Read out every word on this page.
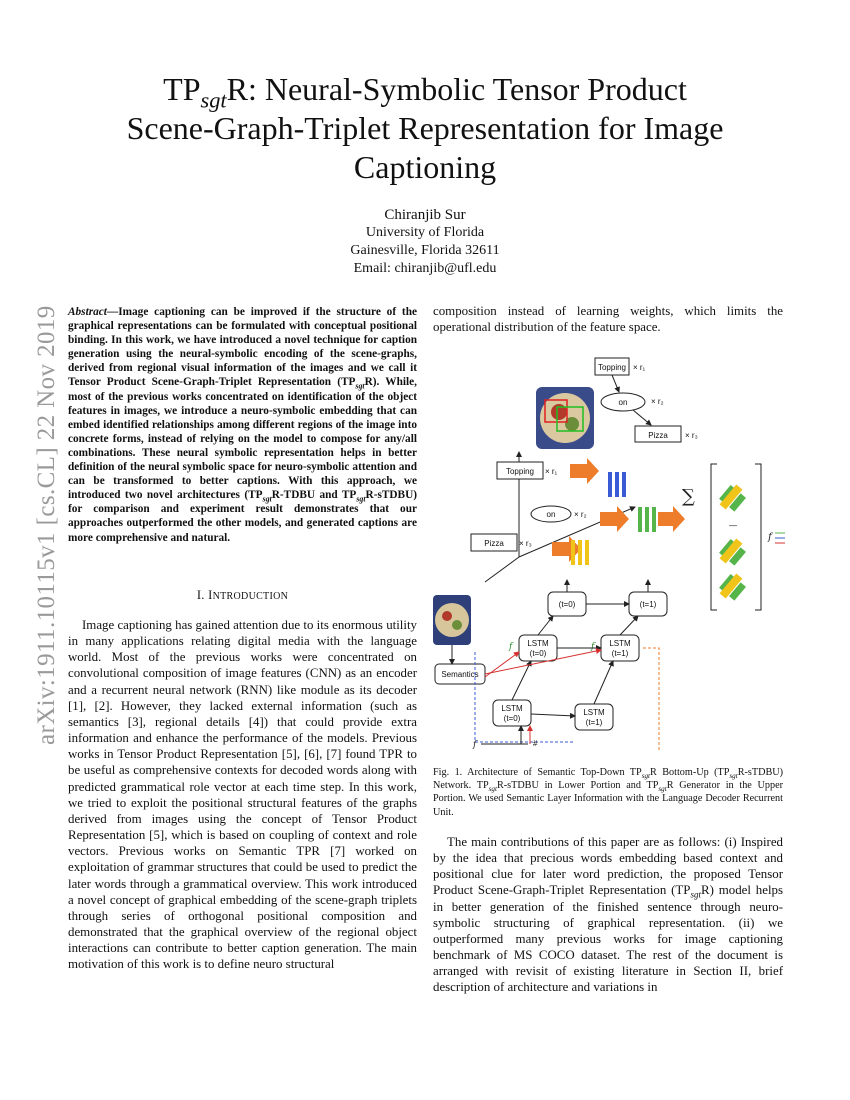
arXiv:1911.10115v1 [cs.CL] 22 Nov 2019
$TP_{sgt}R$: Neural-Symbolic Tensor Product
Scene-Graph-Triplet Representation for Image
Captioning
Chiranjib Sur
University of Florida
Gainesville, Florida 32611
Email: chiranjib@ufl.edu
Abstract—Image captioning can be improved if the structure of the graphical representations can be formulated with conceptual positional binding. In this work, we have introduced a novel technique for caption generation using the neural-symbolic encoding of the scene-graphs, derived from regional visual information of the images and we call it Tensor Product Scene-Graph-Triplet Representation $(TP_{sgt}R)$. While, most of the previous works concentrated on identification of the object features in images, we introduce a neuro-symbolic embedding that can embed identified relationships among different regions of the image into concrete forms, instead of relying on the model to compose for any/all combinations. These neural symbolic representation helps in better definition of the neural symbolic space for neuro-symbolic attention and can be transformed to better captions. With this approach, we introduced two novel architectures ($TP_{sgt}R$-TDBU and $TP_{sgt}R-sTDBU$) for comparison and experiment result demonstrates that our approaches outperformed the other models, and generated captions are more comprehensive and natural.
I. INTRODUCTION

Image captioning has gained attention due to its enormous utility in many applications relating digital media with the language world. Most of the previous works were concentrated on convolutional composition of image features (CNN) as an encoder and a recurrent neural network (RNN) like module as its decoder [1], [2]. However, they lacked external information (such as semantics [3], regional details [4]) that could provide extra information and enhance the performance of the models. Previous works in Tensor Product Representation [5], [6], [7] found TPR to be useful as comprehensive contexts for decoded words along with predicted grammatical role vector at each time step. In this work, we tried to exploit the positional structural features of the graphs derived from images using the concept of Tensor Product Representation [5], which is based on coupling of context and role vectors. Previous works on Semantic TPR [7] worked on exploitation of grammar structures that could be used to predict the later words through a grammatical overview. This work introduced a novel concept of graphical embedding of the scene-graph triplets through series of orthogonal positional composition and demonstrated that the graphical overview of the regional object interactions can contribute to better caption generation. The main motivation of this work is to define neuro structural

composition instead of learning weights, which limits the operational distribution of the feature space.
Topping × r₁
on	× r₂
Pizza × r₃
Topping × r₁
on × r₂
Pizza × r₃
∑
—
f
Semantics
(t=0)	(t=1)
LSTM
(t=0)
LSTM
(t=1)
f	f
LSTM
(t=0)
LSTM
(t=1)
f	#
Fig. 1. Architecture of Semantic Top-Down $TP_{sgt}R$ Bottom-Up $(TP_{sgt}R-sTDBU)$ Network. $TP_{sgt}R$-sTDBU in Lower Portion and $TP_{sgt}R$ Generator in the Upper Portion. We used Semantic Layer Information with the Language Decoder Recurrent Unit.

The main contributions of this paper are as follows: (i) Inspired by the idea that precious words embedding based context and positional clue for later word prediction, the proposed Tensor Product Scene-Graph-Triplet Representation $(TP_{sgt}R)$ model helps in better generation of the finished sentence through neuro-symbolic structuring of graphical representation. (ii) we outperformed many previous works for image captioning benchmark of MS COCO dataset. The rest of the document is arranged with revisit of existing literature in Section II, brief description of architecture and variations in
